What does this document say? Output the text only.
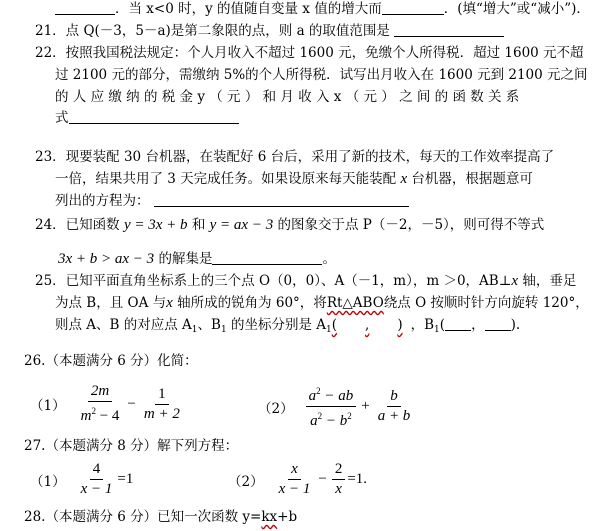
．当 x<0 时，y 的值随自变量 x 值的增大而	．(填“增大”或“减小”)．
21．点 Q(－3，5－a)是第二象限的点，则 a 的取值范围是
22．按照我国税法规定：个人月收入不超过 1600 元，免缴个人所得税．超过 1600 元不超
过 2100 元的部分，需缴纳 5%的个人所得税．试写出月收入在 1600 元到 2100 元之间
的 人 应 缴 纳 的 税 金 y （ 元 ） 和 月 收 入 x （ 元 ） 之 间 的 函 数 关 系
式
23．现要装配 30 台机器，在装配好 6 台后，采用了新的技术，每天的工作效率提高了
一倍，结果共用了 3 天完成任务。如果设原来每天能装配 x 台机器，根据题意可
列出的方程为：
24．已知函数 y = 3x + b 和 y = ax − 3 的图象交于点 P（－2，－5），则可得不等式
3x + b > ax − 3 的解集是	。
25．已知平面直角坐标系上的三个点 O（0，0）、A（－1，m），m ＞0，AB⊥x 轴，垂足
为点 B，且 OA 与x 轴所成的锐角为 60°，将Rt△ABO绕点 O 按顺时针方向旋转 120°，
则点 A、B 的对应点 $A_1$、$B_1$ 的坐标分别是 $A_1$( , ) ，$B_1$( ， ).
26.（本题满分 6 分）化简：
$(1) \frac{2m}{m^2 - 4} - \frac{1}{m + 2}$	$(2) \frac{a^2 - ab}{a^2 - b^2} + \frac{b}{a + b}$
27.（本题满分 8 分）解下列方程：
$(1) \frac{4}{x - 1} =1$	$(2) \frac{x}{x - 1} - \frac{2}{x} =1$.
28.（本题满分 6 分）已知一次函数 y=kx+b
